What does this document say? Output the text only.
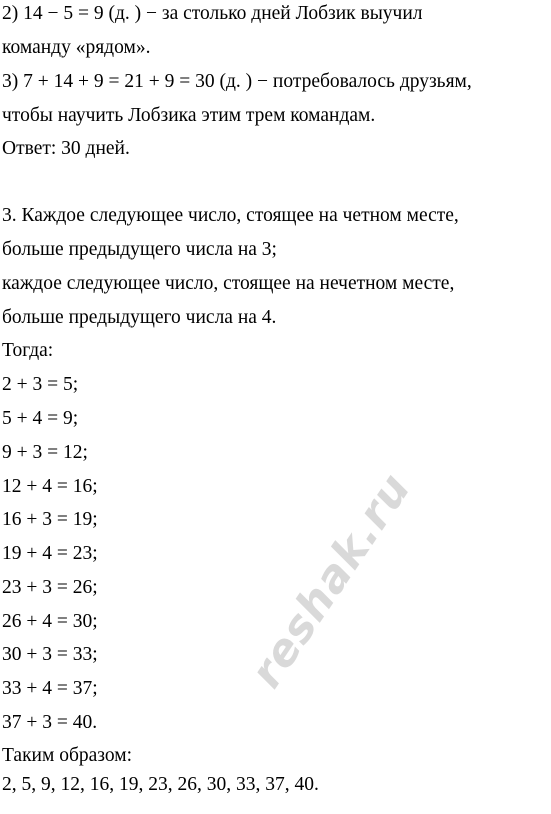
2) 14 − 5 = 9 (д. ) − за столько дней Лобзик выучил
команду «рядом».
3) 7 + 14 + 9 = 21 + 9 = 30 (д. ) − потребовалось друзьям,
чтобы научить Лобзика этим трем командам.
Ответ: 30 дней.
3. Каждое следующее число, стоящее на четном месте,
больше предыдущего числа на 3;
каждое следующее число, стоящее на нечетном месте,
больше предыдущего числа на 4.
Тогда:
2 + 3 = 5;
5 + 4 = 9;
9 + 3 = 12;
12 + 4 = 16;
16 + 3 = 19;
19 + 4 = 23;
23 + 3 = 26;
26 + 4 = 30;
30 + 3 = 33;
33 + 4 = 37;
37 + 3 = 40.
Таким образом:
2, 5, 9, 12, 16, 19, 23, 26, 30, 33, 37, 40.
reshak.ru
